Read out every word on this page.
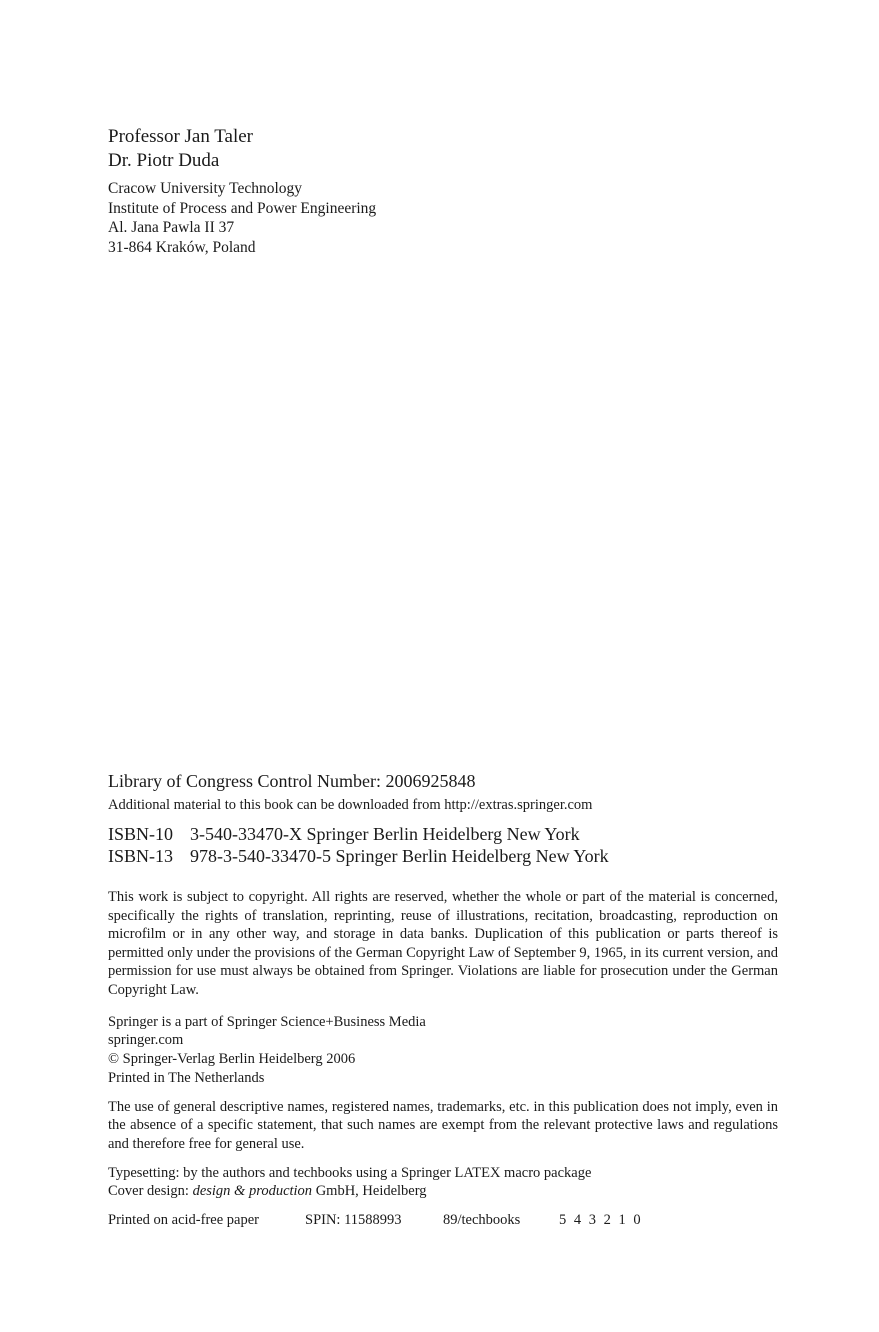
Professor Jan Taler
Dr. Piotr Duda
Cracow University Technology
Institute of Process and Power Engineering
Al. Jana Pawla II 37
31-864 Kraków, Poland
Library of Congress Control Number: 2006925848
Additional material to this book can be downloaded from http://extras.springer.com
ISBN-10 3-540-33470-X Springer Berlin Heidelberg New York
ISBN-13 978-3-540-33470-5 Springer Berlin Heidelberg New York

This work is subject to copyright. All rights are reserved, whether the whole or part of the material is concerned, specifically the rights of translation, reprinting, reuse of illustrations, recitation, broadcasting, reproduction on microfilm or in any other way, and storage in data banks. Duplication of this publication or parts thereof is permitted only under the provisions of the German Copyright Law of September 9, 1965, in its current version, and permission for use must always be obtained from Springer. Violations are liable for prosecution under the German Copyright Law.

Springer is a part of Springer Science+Business Media
springer.com
© Springer-Verlag Berlin Heidelberg 2006
Printed in The Netherlands

The use of general descriptive names, registered names, trademarks, etc. in this publication does not imply, even in the absence of a specific statement, that such names are exempt from the relevant protective laws and regulations and therefore free for general use.

Typesetting: by the authors and techbooks using a Springer LATEX macro package
Cover design: design & production GmbH, Heidelberg
Printed on acid-free paper	SPIN: 11588993	89/techbooks	5 4 3 2 1 0
